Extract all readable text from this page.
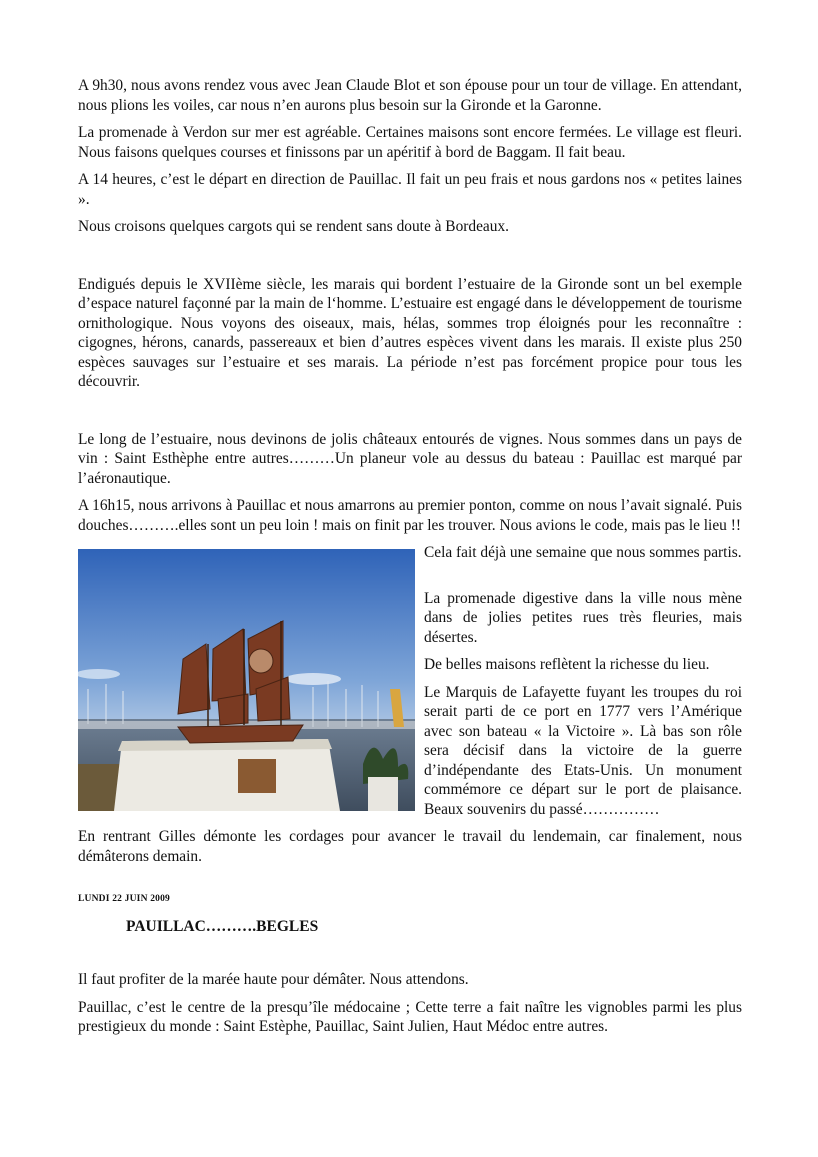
A 9h30, nous avons rendez vous avec Jean Claude Blot et son épouse pour un tour de village. En attendant, nous plions les voiles, car nous n’en aurons plus besoin sur la Gironde et la Garonne.

La promenade à Verdon sur mer est agréable. Certaines maisons sont encore fermées. Le village est fleuri. Nous faisons quelques courses et finissons par un apéritif à bord de Baggam. Il fait beau.

A 14 heures, c’est le départ en direction de Pauillac. Il fait un peu frais et nous gardons nos « petites laines ».

Nous croisons quelques cargots qui se rendent sans doute à Bordeaux.

Endigués depuis le XVIIème siècle, les marais qui bordent l’estuaire de la Gironde sont un bel exemple d’espace naturel façonné par la main de l‘homme. L’estuaire est engagé dans le développement de tourisme ornithologique. Nous voyons des oiseaux, mais, hélas, sommes trop éloignés pour les reconnaître : cigognes, hérons, canards, passereaux et bien d’autres espèces vivent dans les marais. Il existe plus 250 espèces sauvages sur l’estuaire et ses marais. La période n’est pas forcément propice pour tous les découvrir.

Le long de l’estuaire, nous devinons de jolis châteaux entourés de vignes. Nous sommes dans un pays de vin : Saint Esthèphe entre autres………Un planeur vole au dessus du bateau : Pauillac est marqué par l’aéronautique.

A 16h15, nous arrivons à Pauillac et nous amarrons au premier ponton, comme on nous l’avait signalé. Puis douches……….elles sont un peu loin ! mais on finit par les trouver. Nous avions le code, mais pas le lieu !!

Cela fait déjà une semaine que nous sommes partis.

La promenade digestive dans la ville nous mène dans de jolies petites rues très fleuries, mais désertes.

De belles maisons reflètent la richesse du lieu.

Le Marquis de Lafayette fuyant les troupes du roi serait parti de ce port en 1777 vers l’Amérique avec son bateau « la Victoire ». Là bas son rôle sera décisif dans la victoire de la guerre d’indépendante des Etats-Unis. Un monument commémore ce départ sur le port de plaisance. Beaux souvenirs du passé……………

En rentrant Gilles démonte les cordages pour avancer le travail du lendemain, car finalement, nous démâterons demain.

LUNDI 22 JUIN 2009
PAUILLAC……….BEGLES

Il faut profiter de la marée haute pour démâter. Nous attendons.

Pauillac, c’est le centre de la presqu’île médocaine ; Cette terre a fait naître les vignobles parmi les plus prestigieux du monde : Saint Estèphe, Pauillac, Saint Julien, Haut Médoc entre autres.
